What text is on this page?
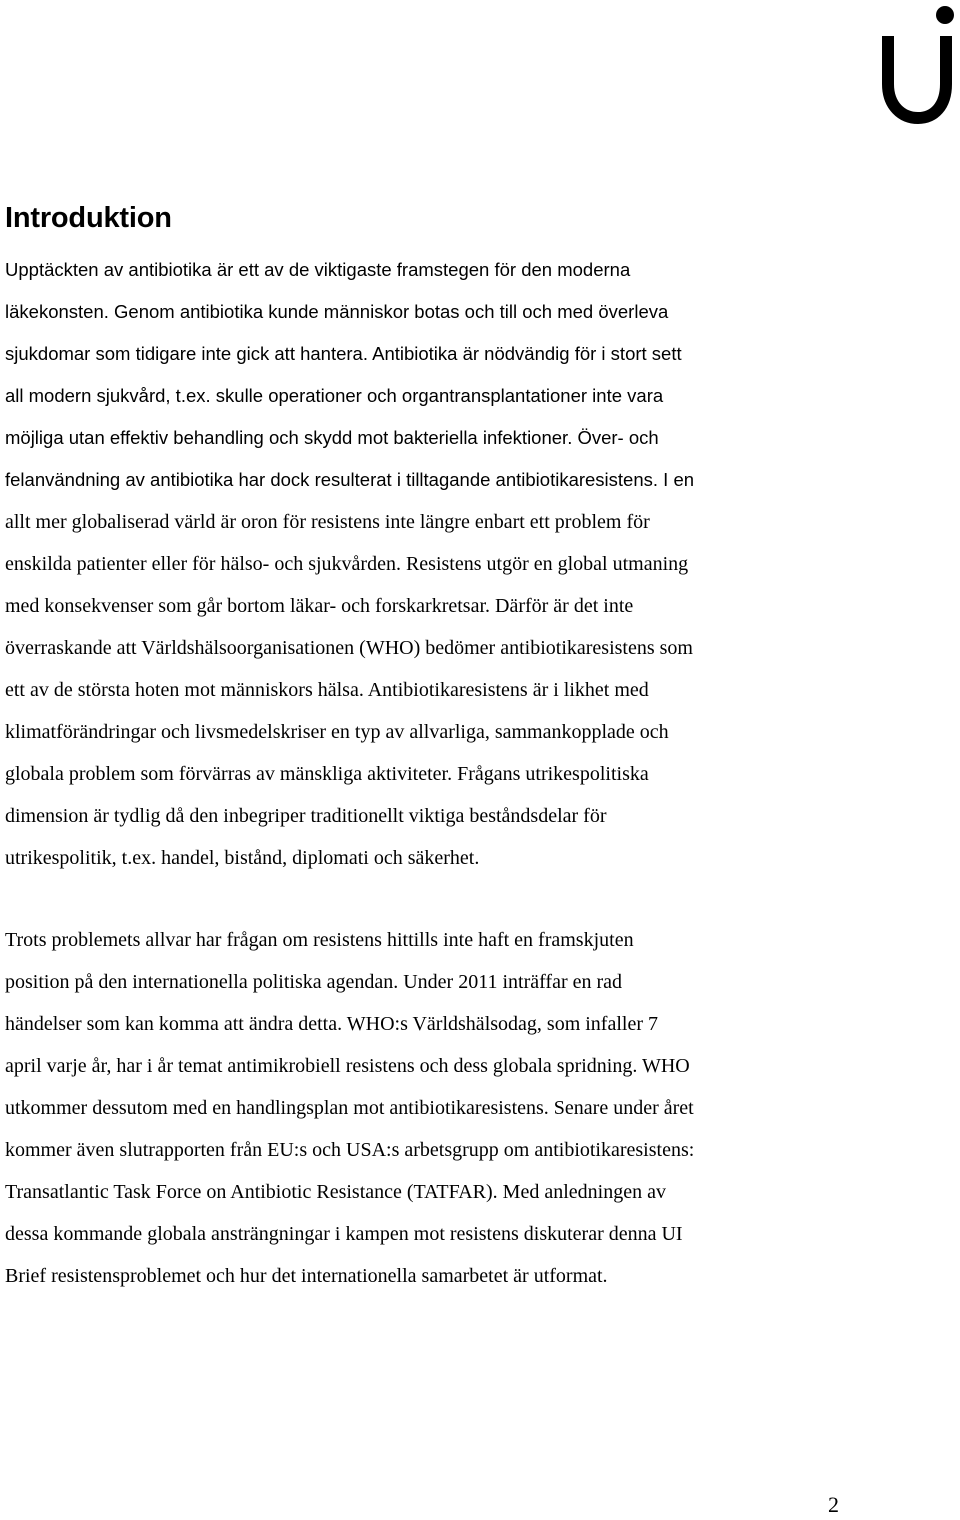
Introduktion
Upptäckten av antibiotika är ett av de viktigaste framstegen för den moderna
läkekonsten. Genom antibiotika kunde människor botas och till och med överleva
sjukdomar som tidigare inte gick att hantera. Antibiotika är nödvändig för i stort sett
all modern sjukvård, t.ex. skulle operationer och organtransplantationer inte vara
möjliga utan effektiv behandling och skydd mot bakteriella infektioner. Över- och
felanvändning av antibiotika har dock resulterat i tilltagande antibiotikaresistens. I en
allt mer globaliserad värld är oron för resistens inte längre enbart ett problem för
enskilda patienter eller för hälso- och sjukvården. Resistens utgör en global utmaning
med konsekvenser som går bortom läkar- och forskarkretsar. Därför är det inte
överraskande att Världshälsoorganisationen (WHO) bedömer antibiotikaresistens som
ett av de största hoten mot människors hälsa. Antibiotikaresistens är i likhet med
klimatförändringar och livsmedelskriser en typ av allvarliga, sammankopplade och
globala problem som förvärras av mänskliga aktiviteter. Frågans utrikespolitiska
dimension är tydlig då den inbegriper traditionellt viktiga beståndsdelar för
utrikespolitik, t.ex. handel, bistånd, diplomati och säkerhet.
Trots problemets allvar har frågan om resistens hittills inte haft en framskjuten
position på den internationella politiska agendan. Under 2011 inträffar en rad
händelser som kan komma att ändra detta. WHO:s Världshälsodag, som infaller 7
april varje år, har i år temat antimikrobiell resistens och dess globala spridning. WHO
utkommer dessutom med en handlingsplan mot antibiotikaresistens. Senare under året
kommer även slutrapporten från EU:s och USA:s arbetsgrupp om antibiotikaresistens:
Transatlantic Task Force on Antibiotic Resistance (TATFAR). Med anledningen av
dessa kommande globala ansträngningar i kampen mot resistens diskuterar denna UI
Brief resistensproblemet och hur det internationella samarbetet är utformat.
2
